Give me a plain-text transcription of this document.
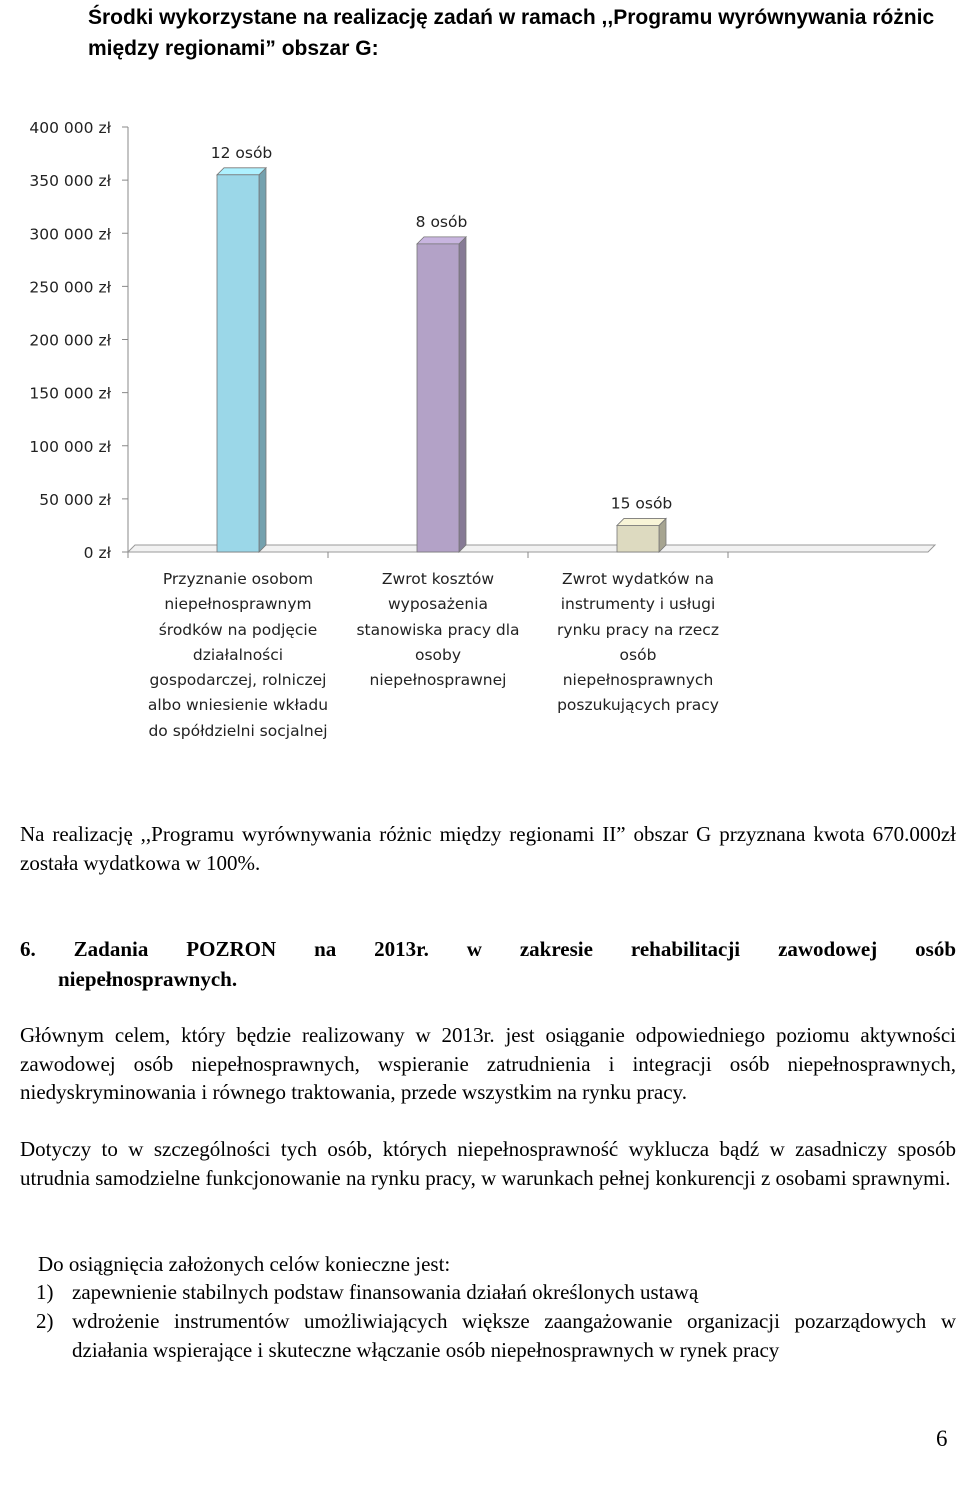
Środki wykorzystane na realizację zadań w ramach ,,Programu wyrównywania różnic między regionami” obszar G:
0 zł
50 000 zł
100 000 zł
150 000 zł
200 000 zł
250 000 zł
300 000 zł
350 000 zł
400 000 zł
12 osób
8 osób
15 osób
Przyznanie osobom
niepełnosprawnym
środków na podjęcie
działalności
gospodarczej, rolniczej
albo wniesienie wkładu
do spółdzielni socjalnej
Zwrot kosztów
wyposażenia
stanowiska pracy dla
osoby
niepełnosprawnej
Zwrot wydatków na
instrumenty i usługi
rynku pracy na rzecz
osób
niepełnosprawnych
poszukujących pracy

Na realizację ,,Programu wyrównywania różnic między regionami II” obszar G przyznana kwota 670.000zł została wydatkowa w 100%.

6. Zadania POZRON na 2013r. w zakresie rehabilitacji zawodowej osób

niepełnosprawnych.

Głównym celem, który będzie realizowany w 2013r. jest osiąganie odpowiedniego poziomu aktywności zawodowej osób niepełnosprawnych, wspieranie zatrudnienia i integracji osób niepełnosprawnych, niedyskryminowania i równego traktowania, przede wszystkim na rynku pracy.

Dotyczy to w szczególności tych osób, których niepełnosprawność wyklucza bądź w zasadniczy sposób utrudnia samodzielne funkcjonowanie na rynku pracy, w warunkach pełnej konkurencji z osobami sprawnymi.

Do osiągnięcia założonych celów konieczne jest:

1) zapewnienie stabilnych podstaw finansowania działań określonych ustawą

2) wdrożenie instrumentów umożliwiających większe zaangażowanie organizacji pozarządowych w działania wspierające i skuteczne włączanie osób niepełnosprawnych w rynek pracy

6
